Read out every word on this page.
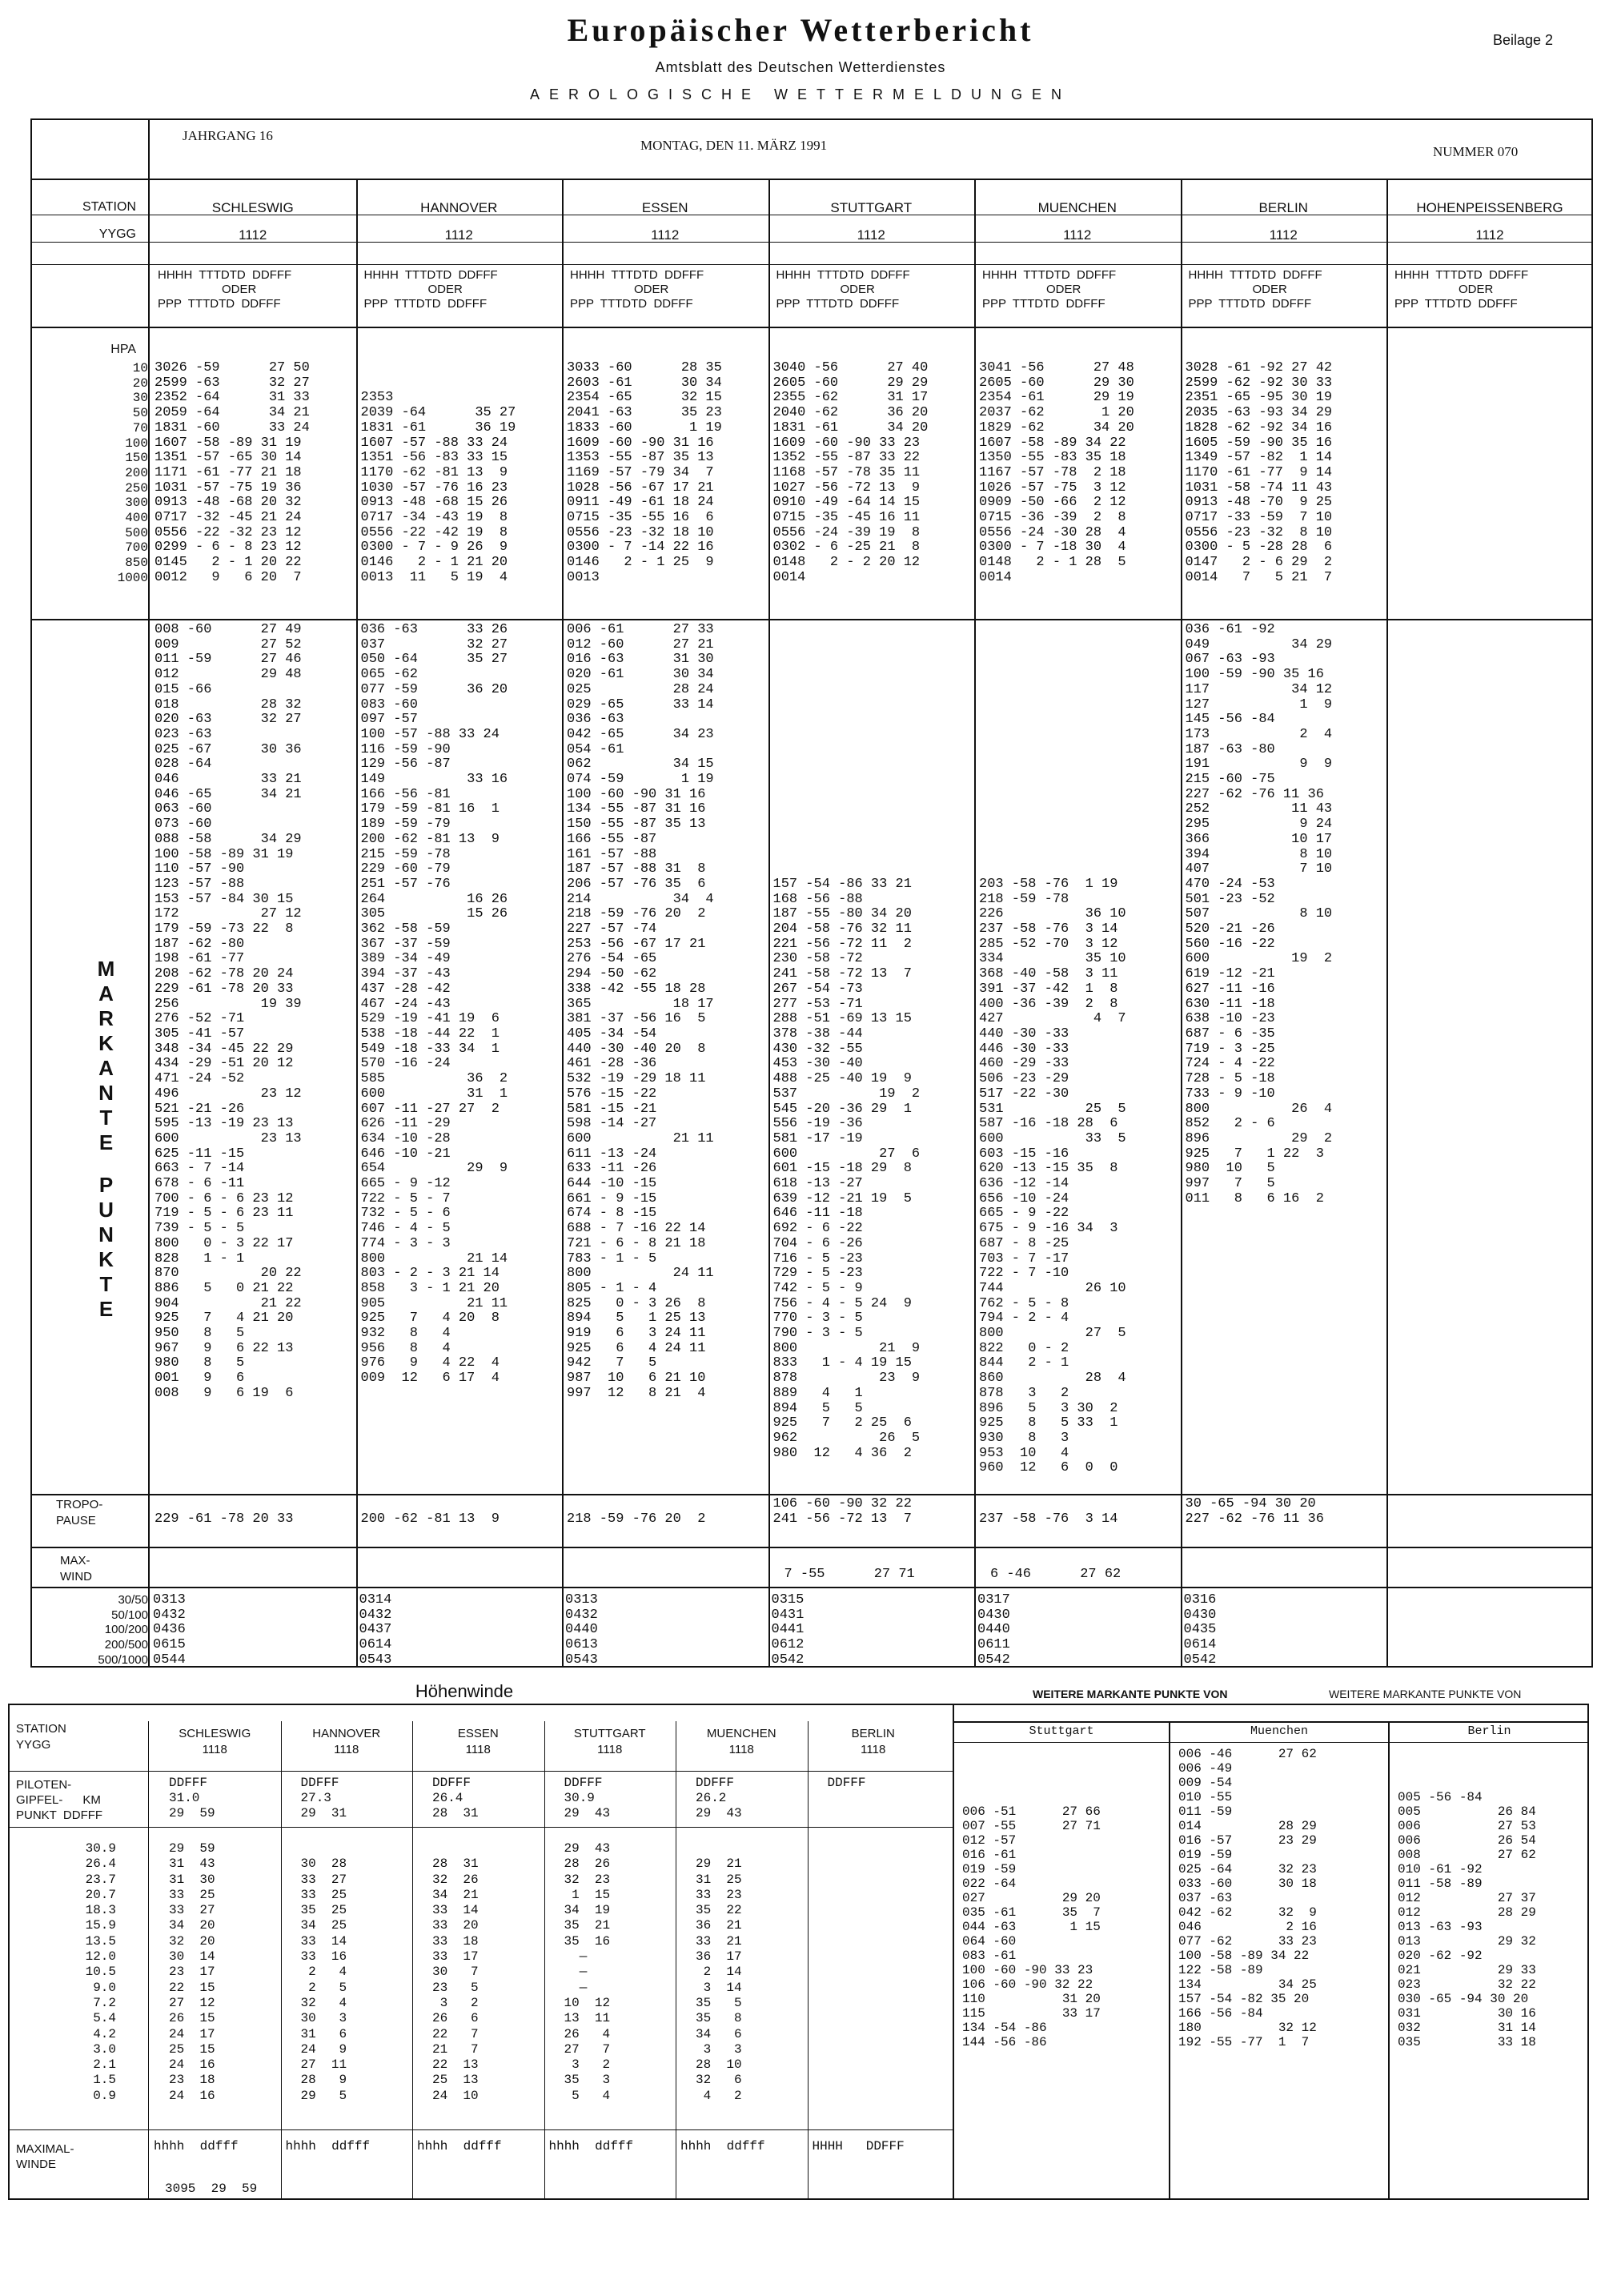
Europäischer Wetterbericht
Amtsblatt des Deutschen Wetterdienstes
AEROLOGISCHE WETTERMELDUNGEN
Beilage 2
JAHRGANG 16
MONTAG, DEN 11. MÄRZ 1991	NUMMER 070
STATION
YYGG
HPA
10
20
30
50
70
100
150
200
250
300
400
500
700
850
1000
M
A
R
K
A
N
T
E
P
U
N
K
T
E
TROPO-
PAUSE
MAX-
WIND
30/50
50/100
100/200
200/500
500/1000
SCHLESWIG
1112
HHHH  TTTDTD  DDFFF
ODER
PPP  TTTDTD  DDFFF
3026 -59      27 50
2599 -63      32 27
2352 -64      31 33
2059 -64      34 21
1831 -60      33 24
1607 -58 -89 31 19
1351 -57 -65 30 14
1171 -61 -77 21 18
1031 -57 -75 19 36
0913 -48 -68 20 32
0717 -32 -45 21 24
0556 -22 -32 23 12
0299 - 6 - 8 23 12
0145   2 - 1 20 22
0012   9   6 20  7
008 -60      27 49
009          27 52
011 -59      27 46
012          29 48
015 -66
018          28 32
020 -63      32 27
023 -63
025 -67      30 36
028 -64
046          33 21
046 -65      34 21
063 -60
073 -60
088 -58      34 29
100 -58 -89 31 19
110 -57 -90
123 -57 -88
153 -57 -84 30 15
172          27 12
179 -59 -73 22  8
187 -62 -80
198 -61 -77
208 -62 -78 20 24
229 -61 -78 20 33
256          19 39
276 -52 -71
305 -41 -57
348 -34 -45 22 29
434 -29 -51 20 12
471 -24 -52
496          23 12
521 -21 -26
595 -13 -19 23 13
600          23 13
625 -11 -15
663 - 7 -14
678 - 6 -11
700 - 6 - 6 23 12
719 - 5 - 6 23 11
739 - 5 - 5
800   0 - 3 22 17
828   1 - 1
870          20 22
886   5   0 21 22
904          21 22
925   7   4 21 20
950   8   5
967   9   6 22 13
980   8   5
001   9   6
008   9   6 19  6

229 -61 -78 20 33
0313
0432
0436
0615
0544
HANNOVER
1112
HHHH  TTTDTD  DDFFF
ODER
PPP  TTTDTD  DDFFF

2353
2039 -64      35 27
1831 -61      36 19
1607 -57 -88 33 24
1351 -56 -83 33 15
1170 -62 -81 13  9
1030 -57 -76 16 23
0913 -48 -68 15 26
0717 -34 -43 19  8
0556 -22 -42 19  8
0300 - 7 - 9 26  9
0146   2 - 1 21 20
0013  11   5 19  4
036 -63      33 26
037          32 27
050 -64      35 27
065 -62
077 -59      36 20
083 -60
097 -57
100 -57 -88 33 24
116 -59 -90
129 -56 -87
149          33 16
166 -56 -81
179 -59 -81 16  1
189 -59 -79
200 -62 -81 13  9
215 -59 -78
229 -60 -79
251 -57 -76
264          16 26
305          15 26
362 -58 -59
367 -37 -59
389 -34 -49
394 -37 -43
437 -28 -42
467 -24 -43
529 -19 -41 19  6
538 -18 -44 22  1
549 -18 -33 34  1
570 -16 -24
585          36  2
600          31  1
607 -11 -27 27  2
626 -11 -29
634 -10 -28
646 -10 -21
654          29  9
665 - 9 -12
722 - 5 - 7
732 - 5 - 6
746 - 4 - 5
774 - 3 - 3
800          21 14
803 - 2 - 3 21 14
858   3 - 1 21 20
905          21 11
925   7   4 20  8
932   8   4
956   8   4
976   9   4 22  4
009  12   6 17  4

200 -62 -81 13  9
0314
0432
0437
0614
0543
ESSEN
1112
HHHH  TTTDTD  DDFFF
ODER
PPP  TTTDTD  DDFFF
3033 -60      28 35
2603 -61      30 34
2354 -65      32 15
2041 -63      35 23
1833 -60       1 19
1609 -60 -90 31 16
1353 -55 -87 35 13
1169 -57 -79 34  7
1028 -56 -67 17 21
0911 -49 -61 18 24
0715 -35 -55 16  6
0556 -23 -32 18 10
0300 - 7 -14 22 16
0146   2 - 1 25  9
0013
006 -61      27 33
012 -60      27 21
016 -63      31 30
020 -61      30 34
025          28 24
029 -65      33 14
036 -63
042 -65      34 23
054 -61
062          34 15
074 -59       1 19
100 -60 -90 31 16
134 -55 -87 31 16
150 -55 -87 35 13
166 -55 -87
161 -57 -88
187 -57 -88 31  8
206 -57 -76 35  6
214          34  4
218 -59 -76 20  2
227 -57 -74
253 -56 -67 17 21
276 -54 -65
294 -50 -62
338 -42 -55 18 28
365          18 17
381 -37 -56 16  5
405 -34 -54
440 -30 -40 20  8
461 -28 -36
532 -19 -29 18 11
576 -15 -22
581 -15 -21
598 -14 -27
600          21 11
611 -13 -24
633 -11 -26
644 -10 -15
661 - 9 -15
674 - 8 -15
688 - 7 -16 22 14
721 - 6 - 8 21 18
783 - 1 - 5
800          24 11
805 - 1 - 4
825   0 - 3 26  8
894   5   1 25 13
919   6   3 24 11
925   6   4 24 11
942   7   5
987  10   6 21 10
997  12   8 21  4

218 -59 -76 20  2
0313
0432
0440
0613
0543
STUTTGART
1112
HHHH  TTTDTD  DDFFF
ODER
PPP  TTTDTD  DDFFF
3040 -56      27 40
2605 -60      29 29
2355 -62      31 17
2040 -62      36 20
1831 -61      34 20
1609 -60 -90 33 23
1352 -55 -87 33 22
1168 -57 -78 35 11
1027 -56 -72 13  9
0910 -49 -64 14 15
0715 -35 -45 16 11
0556 -24 -39 19  8
0302 - 6 -25 21  8
0148   2 - 2 20 12
0014

157 -54 -86 33 21
168 -56 -88
187 -55 -80 34 20
204 -58 -76 32 11
221 -56 -72 11  2
230 -58 -72
241 -58 -72 13  7
267 -54 -73
277 -53 -71
288 -51 -69 13 15
378 -38 -44
430 -32 -55
453 -30 -40
488 -25 -40 19  9
537          19  2
545 -20 -36 29  1
556 -19 -36
581 -17 -19
600          27  6
601 -15 -18 29  8
618 -13 -27
639 -12 -21 19  5
646 -11 -18
692 - 6 -22
704 - 6 -26
716 - 5 -23
729 - 5 -23
742 - 5 - 9
756 - 4 - 5 24  9
770 - 3 - 5
790 - 3 - 5
800          21  9
833   1 - 4 19 15
878          23  9
889   4   1
894   5   5
925   7   2 25  6
962          26  5
980  12   4 36  2
106 -60 -90 32 22
241 -56 -72 13  7
7 -55      27 71
0315
0431
0441
0612
0542
MUENCHEN
1112
HHHH  TTTDTD  DDFFF
ODER
PPP  TTTDTD  DDFFF
3041 -56      27 48
2605 -60      29 30
2354 -61      29 19
2037 -62       1 20
1829 -62      34 20
1607 -58 -89 34 22
1350 -55 -83 35 18
1167 -57 -78  2 18
1026 -57 -75  3 12
0909 -50 -66  2 12
0715 -36 -39  2  8
0556 -24 -30 28  4
0300 - 7 -18 30  4
0148   2 - 1 28  5
0014

203 -58 -76  1 19
218 -59 -78
226          36 10
237 -58 -76  3 14
285 -52 -70  3 12
334          35 10
368 -40 -58  3 11
391 -37 -42  1  8
400 -36 -39  2  8
427           4  7
440 -30 -33
446 -30 -33
460 -29 -33
506 -23 -29
517 -22 -30
531          25  5
587 -16 -18 28  6
600          33  5
603 -15 -16
620 -13 -15 35  8
636 -12 -14
656 -10 -24
665 - 9 -22
675 - 9 -16 34  3
687 - 8 -25
703 - 7 -17
722 - 7 -10
744          26 10
762 - 5 - 8
794 - 2 - 4
800          27  5
822   0 - 2
844   2 - 1
860          28  4
878   3   2
896   5   3 30  2
925   8   5 33  1
930   8   3
953  10   4
960  12   6  0  0

237 -58 -76  3 14
6 -46      27 62
0317
0430
0440
0611
0542
BERLIN
1112
HHHH  TTTDTD  DDFFF
ODER
PPP  TTTDTD  DDFFF
3028 -61 -92 27 42
2599 -62 -92 30 33
2351 -65 -95 30 19
2035 -63 -93 34 29
1828 -62 -92 34 16
1605 -59 -90 35 16
1349 -57 -82  1 14
1170 -61 -77  9 14
1031 -58 -74 11 43
0913 -48 -70  9 25
0717 -33 -59  7 10
0556 -23 -32  8 10
0300 - 5 -28 28  6
0147   2 - 6 29  2
0014   7   5 21  7
036 -61 -92
049          34 29
067 -63 -93
100 -59 -90 35 16
117          34 12
127           1  9
145 -56 -84
173           2  4
187 -63 -80
191           9  9
215 -60 -75
227 -62 -76 11 36
252          11 43
295           9 24
366          10 17
394           8 10
407           7 10
470 -24 -53
501 -23 -52
507           8 10
520 -21 -26
560 -16 -22
600          19  2
619 -12 -21
627 -11 -16
630 -11 -18
638 -10 -23
687 - 6 -35
719 - 3 -25
724 - 4 -22
728 - 5 -18
733 - 9 -10
800          26  4
852   2 - 6
896          29  2
925   7   1 22  3
980  10   5
997   7   5
011   8   6 16  2
30 -65 -94 30 20
227 -62 -76 11 36
0316
0430
0435
0614
0542
HOHENPEISSENBERG
1112
HHHH  TTTDTD  DDFFF
ODER
PPP  TTTDTD  DDFFF
Höhenwinde
STATION
YYGG
PILOTEN-
GIPFEL-      KM
PUNKT  DDFFF
30.9
26.4
23.7
20.7
18.3
15.9
13.5
12.0
10.5
9.0
7.2
5.4
4.2
3.0
2.1
1.5
0.9
MAXIMAL-
WINDE
SCHLESWIG
1118
DDFFF
31.0
29  59
29  59
31  43
31  30
33  25
33  27
34  20
32  20
30  14
23  17
22  15
27  12
26  15
24  17
25  15
24  16
23  18
24  16
hhhh  ddfff
3095  29  59
HANNOVER
1118
DDFFF
27.3
29  31

30  28
33  27
33  25
35  25
34  25
33  14
33  16
2   4
2   5
32   4
30   3
31   6
24   9
27  11
28   9
29   5
hhhh  ddfff
ESSEN
1118
DDFFF
26.4
28  31

28  31
32  26
34  21
33  14
33  20
33  18
33  17
30   7
23   5
3   2
26   6
22   7
21   7
22  13
25  13
24  10
hhhh  ddfff
STUTTGART
1118
DDFFF
30.9
29  43
29  43
28  26
32  23
1  15
34  19
35  21
35  16
—
—
—
10  12
13  11
26   4
27   7
3   2
35   3
5   4
hhhh  ddfff
MUENCHEN
1118
DDFFF
26.2
29  43

29  21
31  25
33  23
35  22
36  21
33  21
36  17
2  14
3  14
35   5
35   8
34   6
3   3
28  10
32   6
4   2
hhhh  ddfff
BERLIN
1118
DDFFF
HHHH   DDFFF
WEITERE MARKANTE PUNKTE VON	WEITERE MARKANTE PUNKTE VON
Stuttgart

006 -51      27 66
007 -55      27 71
012 -57
016 -61
019 -59
022 -64
027          29 20
035 -61      35  7
044 -63       1 15
064 -60
083 -61
100 -60 -90 33 23
106 -60 -90 32 22
110          31 20
115          33 17
134 -54 -86
144 -56 -86
Muenchen
006 -46      27 62
006 -49
009 -54
010 -55
011 -59
014          28 29
016 -57      23 29
019 -59
025 -64      32 23
033 -60      30 18
037 -63
042 -62      32  9
046           2 16
077 -62      33 23
100 -58 -89 34 22
122 -58 -89
134          34 25
157 -54 -82 35 20
166 -56 -84
180          32 12
192 -55 -77  1  7
Berlin

005 -56 -84
005          26 84
006          27 53
006          26 54
008          27 62
010 -61 -92
011 -58 -89
012          27 37
012          28 29
013 -63 -93
013          29 32
020 -62 -92
021          29 33
023          32 22
030 -65 -94 30 20
031          30 16
032          31 14
035          33 18
